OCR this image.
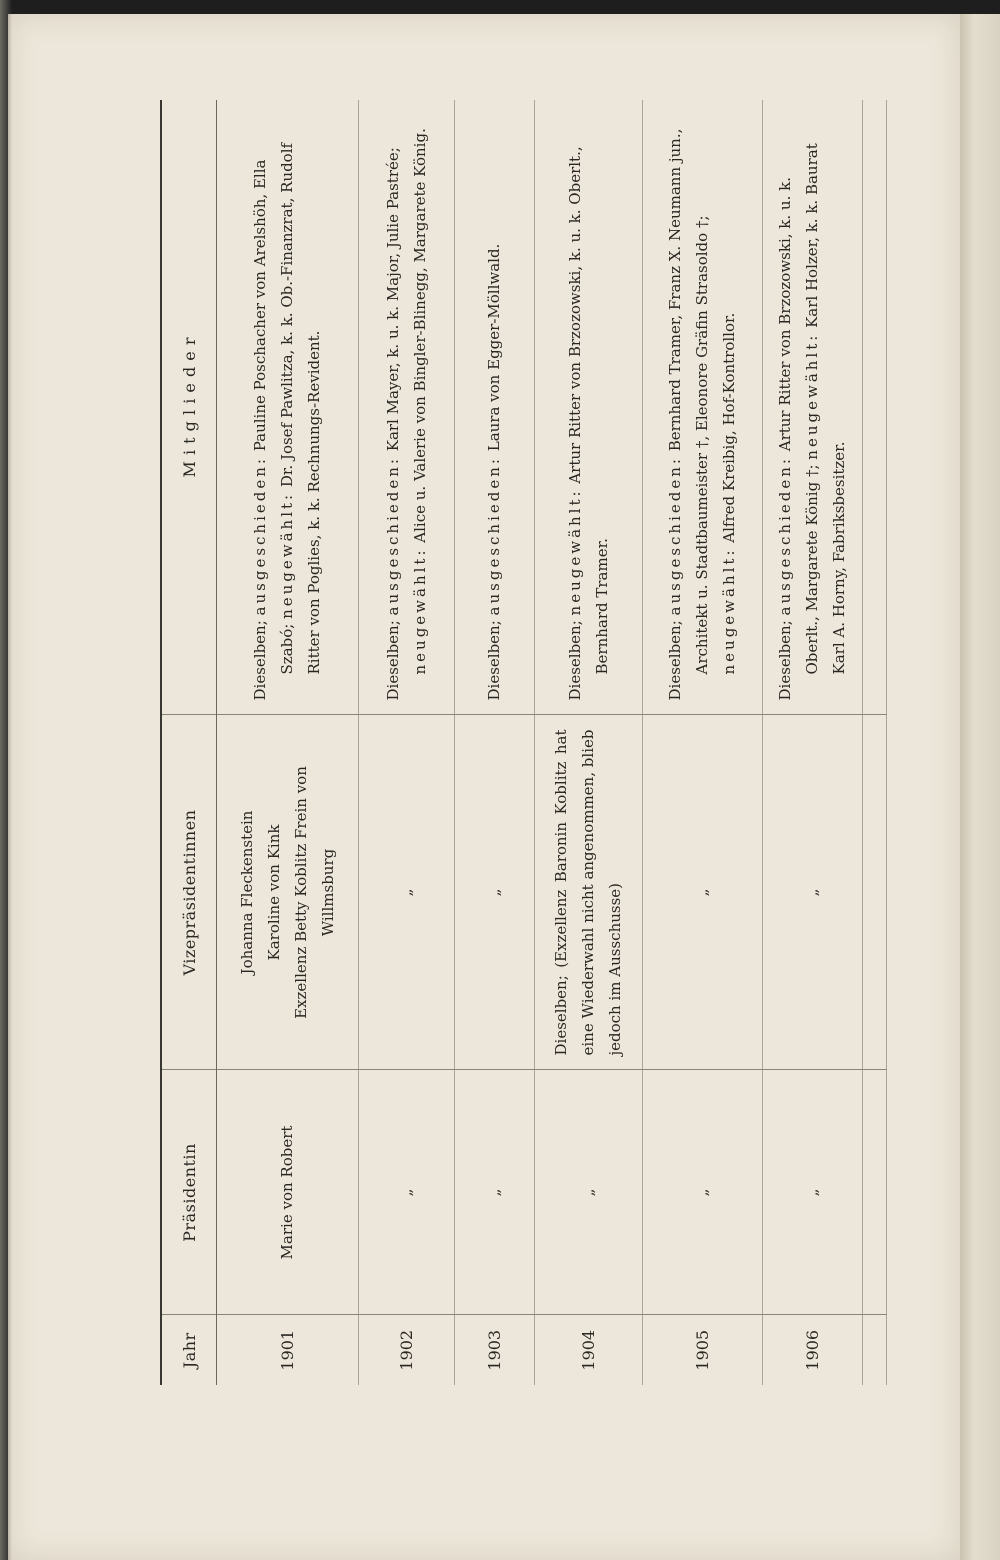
Jahr	Präsidentin	Vizepräsidentinnen	M i t g l i e d e r
1901	Marie von Robert	Johanna Fleckenstein Karoline von Kink Exzellenz Betty Koblitz Frein von Willmsburg	Dieselben; ausgeschieden: Pauline Poschacher von Arelshöh, Ella Szabó; neugewählt: Dr. Josef Pawlitza, k. k. Ob.-Finanzrat, Rudolf Ritter von Poglies, k. k. Rechnungs-Revident.

1902	„	„	Dieselben; ausgeschieden: Karl Mayer, k. u. k. Major, Julie Pastrée; neugewählt: Alice u. Valerie von Bingler-Blinegg, Margarete König.

1903	„	„	Dieselben; ausgeschieden: Laura von Egger-Möllwald.

1904	„	Dieselben; (Exzellenz Baronin Koblitz hat eine Wiederwahl nicht angenommen, blieb jedoch im Ausschusse)	Dieselben; neugewählt: Artur Ritter von Brzozowski, k. u. k. Oberlt., Bernhard Tramer.

1905	„	„	Dieselben; ausgeschieden: Bernhard Tramer, Franz X. Neumann jun., Architekt u. Stadtbaumeister †, Eleonore Gräfin Strasoldo †; neugewählt: Alfred Kreibig, Hof-Kontrollor.

1906	„	„	Dieselben; ausgeschieden: Artur Ritter von Brzozowski, k. u. k. Oberlt., Margarete König †; neugewählt: Karl Holzer, k. k. Baurat Karl A. Horny, Fabriksbesitzer.
